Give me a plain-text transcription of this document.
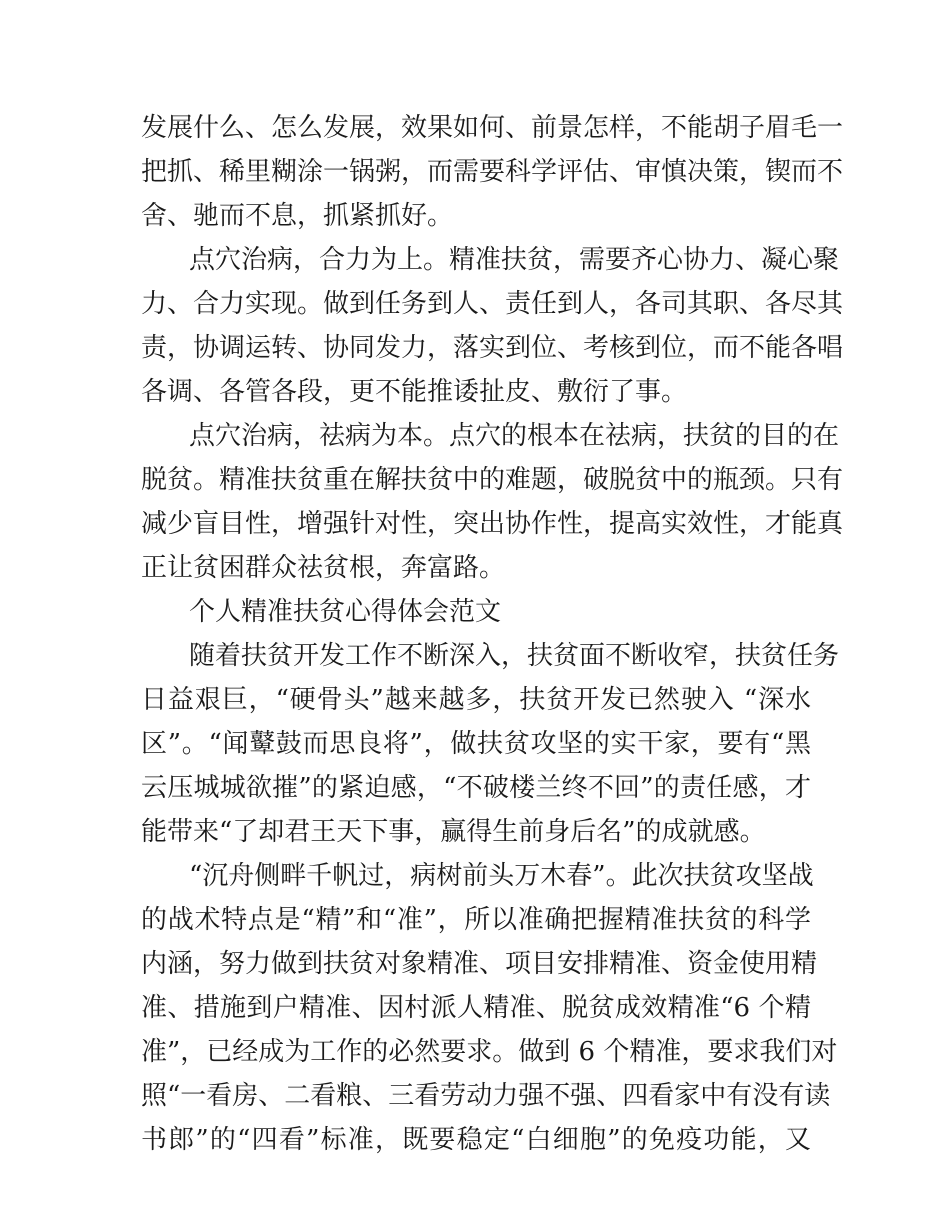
发展什么、怎么发展，效果如何、前景怎样，不能胡子眉毛一

把抓、稀里糊涂一锅粥，而需要科学评估、审慎决策，锲而不

舍、驰而不息，抓紧抓好。

点穴治病，合力为上。精准扶贫，需要齐心协力、凝心聚

力、合力实现。做到任务到人、责任到人，各司其职、各尽其

责，协调运转、协同发力，落实到位、考核到位，而不能各唱

各调、各管各段，更不能推诿扯皮、敷衍了事。

点穴治病，祛病为本。点穴的根本在祛病，扶贫的目的在

脱贫。精准扶贫重在解扶贫中的难题，破脱贫中的瓶颈。只有

减少盲目性，增强针对性，突出协作性，提高实效性，才能真

正让贫困群众祛贫根，奔富路。

个人精准扶贫心得体会范文

随着扶贫开发工作不断深入，扶贫面不断收窄，扶贫任务

日益艰巨，“硬骨头”越来越多，扶贫开发已然驶入 “深水

区”。“闻鼙鼓而思良将”，做扶贫攻坚的实干家，要有“黑

云压城城欲摧”的紧迫感，“不破楼兰终不回”的责任感，才

能带来“了却君王天下事，赢得生前身后名”的成就感。

“沉舟侧畔千帆过，病树前头万木春”。此次扶贫攻坚战

的战术特点是“精”和“准”，所以准确把握精准扶贫的科学

内涵，努力做到扶贫对象精准、项目安排精准、资金使用精

准、措施到户精准、因村派人精准、脱贫成效精准“6 个精

准”，已经成为工作的必然要求。做到 6 个精准，要求我们对

照“一看房、二看粮、三看劳动力强不强、四看家中有没有读

书郎”的“四看”标准，既要稳定“白细胞”的免疫功能，又
